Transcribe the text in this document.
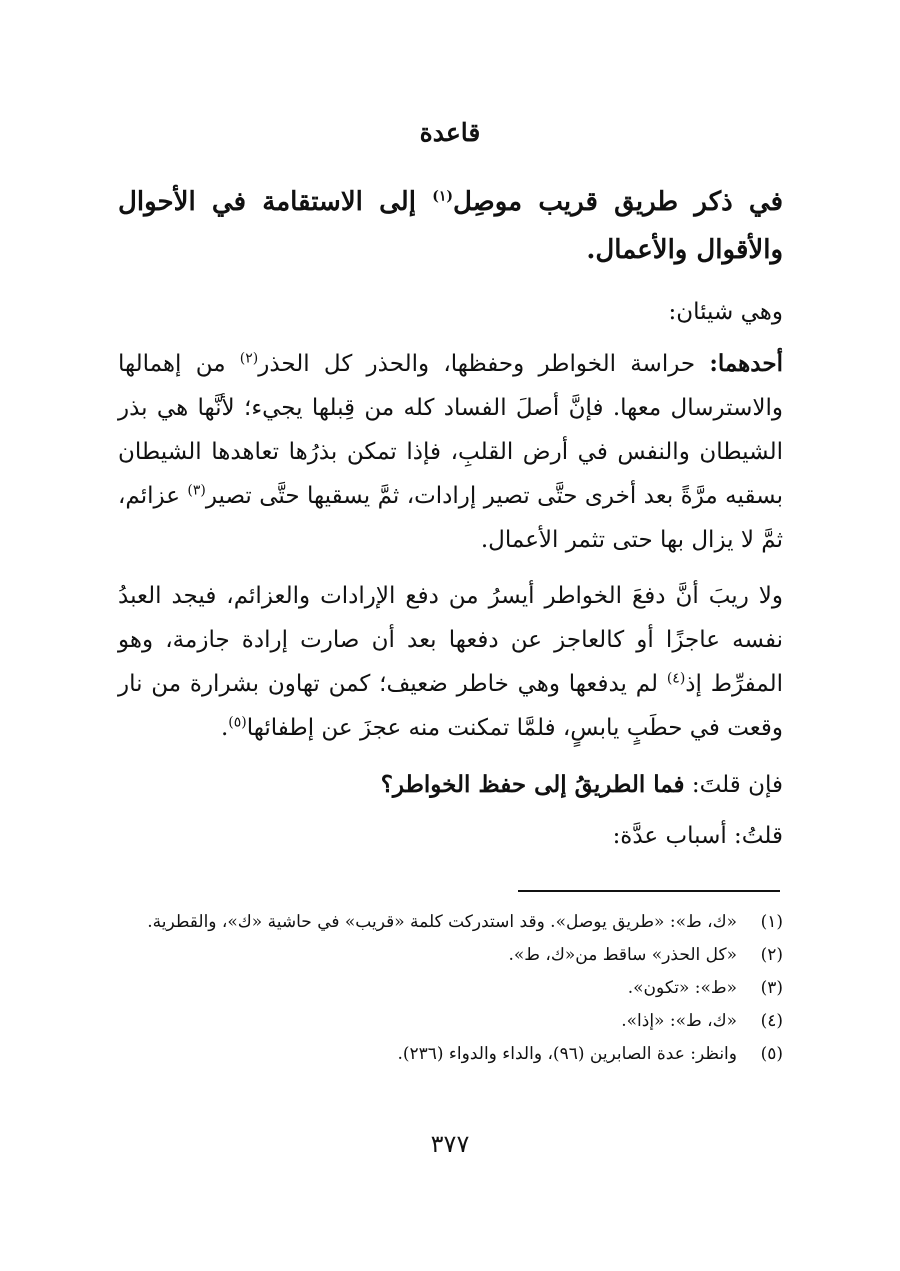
قاعدة
في ذكر طريق قريب موصِل$^{(١)}$ إلى الاستقامة في الأحوال والأقوال والأعمال.
وهي شيئان:
أحدهما: حراسة الخواطر وحفظها، والحذر كل الحذر$^{(٢)}$ من إهمالها والاسترسال معها. فإنَّ أصلَ الفساد كله من قِبلها يجيء؛ لأنَّها هي بذر الشيطان والنفس في أرض القلبِ، فإذا تمكن بذرُها تعاهدها الشيطان بسقيه مرَّةً بعد أخرى حتَّى تصير إرادات، ثمَّ يسقيها حتَّى تصير$^{(٣)}$ عزائم، ثمَّ لا يزال بها حتى تثمر الأعمال.
ولا ريبَ أنَّ دفعَ الخواطر أيسرُ من دفع الإرادات والعزائم، فيجد العبدُ نفسه عاجزًا أو كالعاجز عن دفعها بعد أن صارت إرادة جازمة، وهو المفرِّط إذ$^{(٤)}$ لم يدفعها وهي خاطر ضعيف؛ كمن تهاون بشرارة من نار وقعت في حطَبٍ يابسٍ، فلمَّا تمكنت منه عجزَ عن إطفائها$^{(٥)}$.
فإن قلتَ: فما الطريقُ إلى حفظ الخواطر؟
قلتُ: أسباب عدَّة:
(١)
«ك، ط»: «طريق يوصل». وقد استدركت كلمة «قريب» في حاشية «ك»، والقطرية.
(٢)
«كل الحذر» ساقط من«ك، ط».
(٣)
«ط»: «تكون».
(٤)
«ك، ط»: «إذا».
(٥)
وانظر: عدة الصابرين (٩٦)، والداء والدواء (٢٣٦).
٣٧٧
